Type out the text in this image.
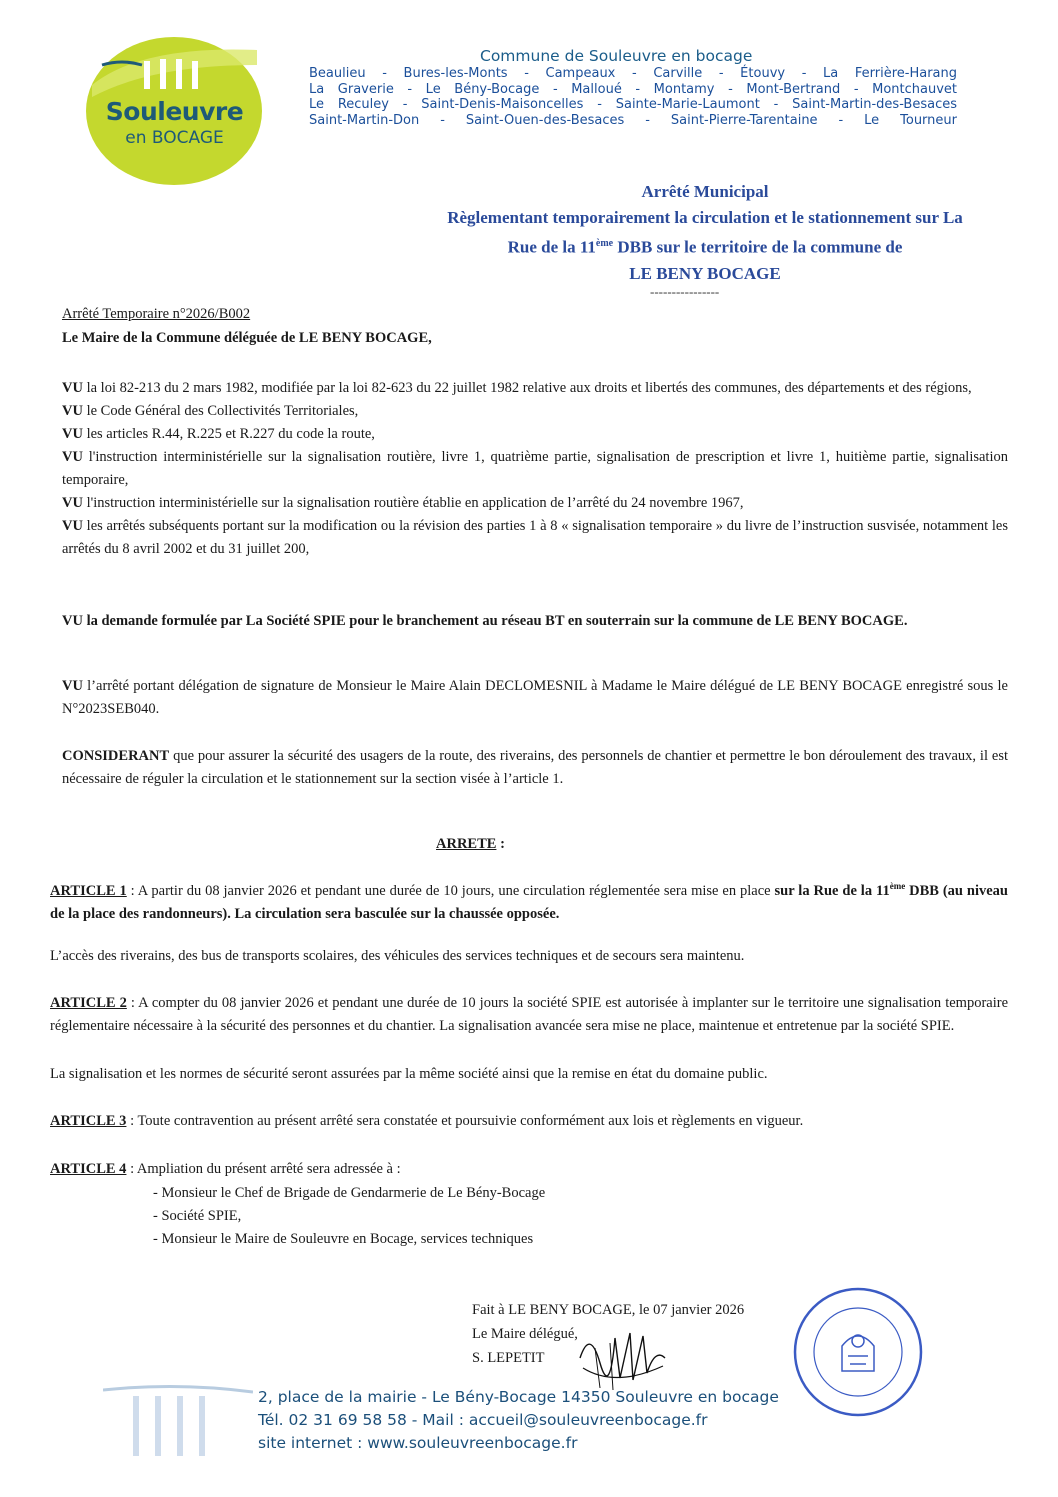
Souleuvre
en BOCAGE
Commune de Souleuvre en bocage
Beaulieu - Bures-les-Monts - Campeaux - Carville - Étouvy - La Ferrière-Harang
La Graverie - Le Bény-Bocage - Malloué - Montamy - Mont-Bertrand - Montchauvet
Le Reculey - Saint-Denis-Maisoncelles - Sainte-Marie-Laumont - Saint-Martin-des-Besaces
Saint-Martin-Don - Saint-Ouen-des-Besaces - Saint-Pierre-Tarentaine - Le Tourneur
Arrêté Municipal
Règlementant temporairement la circulation et le stationnement sur La
Rue de la 11ème DBB sur le territoire de la commune de
LE BENY BOCAGE
----------------
Arrêté Temporaire n°2026/B002
Le Maire de la Commune déléguée de LE BENY BOCAGE,
VU la loi 82-213 du 2 mars 1982, modifiée par la loi 82-623 du 22 juillet 1982 relative aux droits et libertés des communes, des départements et des régions,
VU le Code Général des Collectivités Territoriales,
VU les articles R.44, R.225 et R.227 du code la route,
VU l'instruction interministérielle sur la signalisation routière, livre 1, quatrième partie, signalisation de prescription et livre 1, huitième partie, signalisation temporaire,
VU l'instruction interministérielle sur la signalisation routière établie en application de l’arrêté du 24 novembre 1967,
VU les arrêtés subséquents portant sur la modification ou la révision des parties 1 à 8 « signalisation temporaire » du livre de l’instruction susvisée, notamment les arrêtés du 8 avril 2002 et du 31 juillet 200,
VU la demande formulée par La Société SPIE pour le branchement au réseau BT en souterrain sur la commune de LE BENY BOCAGE.
VU l’arrêté portant délégation de signature de Monsieur le Maire Alain DECLOMESNIL à Madame le Maire délégué de LE BENY BOCAGE enregistré sous le N°2023SEB040.
CONSIDERANT que pour assurer la sécurité des usagers de la route, des riverains, des personnels de chantier et permettre le bon déroulement des travaux, il est nécessaire de réguler la circulation et le stationnement sur la section visée à l’article 1.
ARRETE :
ARTICLE 1 : A partir du 08 janvier 2026 et pendant une durée de 10 jours, une circulation réglementée sera mise en place sur la Rue de la 11ème DBB (au niveau de la place des randonneurs). La circulation sera basculée sur la chaussée opposée.
L’accès des riverains, des bus de transports scolaires, des véhicules des services techniques et de secours sera maintenu.
ARTICLE 2 : A compter du 08 janvier 2026 et pendant une durée de 10 jours la société SPIE est autorisée à implanter sur le territoire une signalisation temporaire réglementaire nécessaire à la sécurité des personnes et du chantier. La signalisation avancée sera mise ne place, maintenue et entretenue par la société SPIE.
La signalisation et les normes de sécurité seront assurées par la même société ainsi que la remise en état du domaine public.
ARTICLE 3 : Toute contravention au présent arrêté sera constatée et poursuivie conformément aux lois et règlements en vigueur.
ARTICLE 4 : Ampliation du présent arrêté sera adressée à :
- Monsieur le Chef de Brigade de Gendarmerie de Le Bény-Bocage
- Société SPIE,
- Monsieur le Maire de Souleuvre en Bocage, services techniques
Fait à LE BENY BOCAGE, le 07 janvier 2026
Le Maire délégué,
S. LEPETIT
2, place de la mairie - Le Bény-Bocage 14350 Souleuvre en bocage
Tél. 02 31 69 58 58 - Mail : accueil@souleuvreenbocage.fr
site internet : www.souleuvreenbocage.fr
